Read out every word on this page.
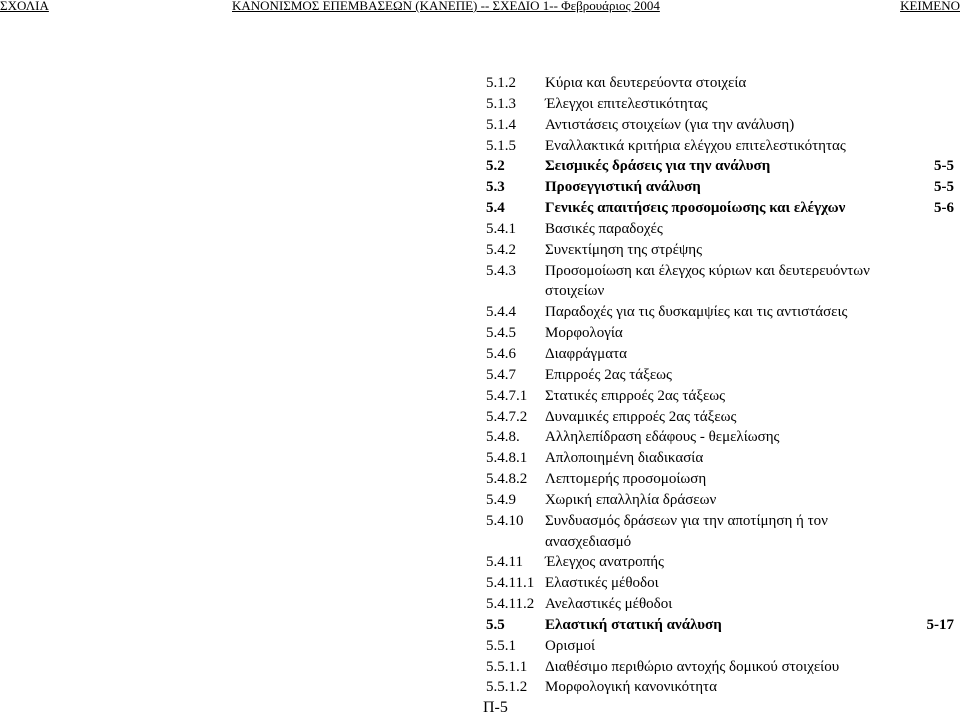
ΣΧΟΛΙΑ	ΚΑΝΟΝΙΣΜΟΣ ΕΠΕΜΒΑΣΕΩΝ (ΚΑΝΕΠΕ) -- ΣΧΕΔΙΟ 1-- Φεβρουάριος 2004	ΚΕΙΜΕΝΟ
5.1.2 Κύρια και δευτερεύοντα στοιχεία
5.1.3 Έλεγχοι επιτελεστικότητας
5.1.4 Αντιστάσεις στοιχείων (για την ανάλυση)
5.1.5 Εναλλακτικά κριτήρια ελέγχου επιτελεστικότητας
5.2	Σεισμικές δράσεις για την ανάλυση	5-5
5.3	Προσεγγιστική ανάλυση	5-5
5.4	Γενικές απαιτήσεις προσομοίωσης και ελέγχων	5-6
5.4.1 Βασικές παραδοχές
5.4.2 Συνεκτίμηση της στρέψης
5.4.3 Προσομοίωση και έλεγχος κύριων και δευτερευόντων
στοιχείων
5.4.4 Παραδοχές για τις δυσκαμψίες και τις αντιστάσεις
5.4.5 Μορφολογία
5.4.6 Διαφράγματα
5.4.7 Επιρροές 2ας τάξεως
5.4.7.1 Στατικές επιρροές 2ας τάξεως
5.4.7.2 Δυναμικές επιρροές 2ας τάξεως
5.4.8. Αλληλεπίδραση εδάφους - θεμελίωσης
5.4.8.1 Απλοποιημένη διαδικασία
5.4.8.2 Λεπτομερής προσομοίωση
5.4.9 Χωρική επαλληλία δράσεων
5.4.10 Συνδυασμός δράσεων για την αποτίμηση ή τον
ανασχεδιασμό
5.4.11 Έλεγχος ανατροπής
5.4.11.1 Ελαστικές μέθοδοι
5.4.11.2 Ανελαστικές μέθοδοι
5.5	Ελαστική στατική ανάλυση	5-17
5.5.1 Ορισμοί
5.5.1.1 Διαθέσιμο περιθώριο αντοχής δομικού στοιχείου
5.5.1.2 Μορφολογική κανονικότητα
Π-5
